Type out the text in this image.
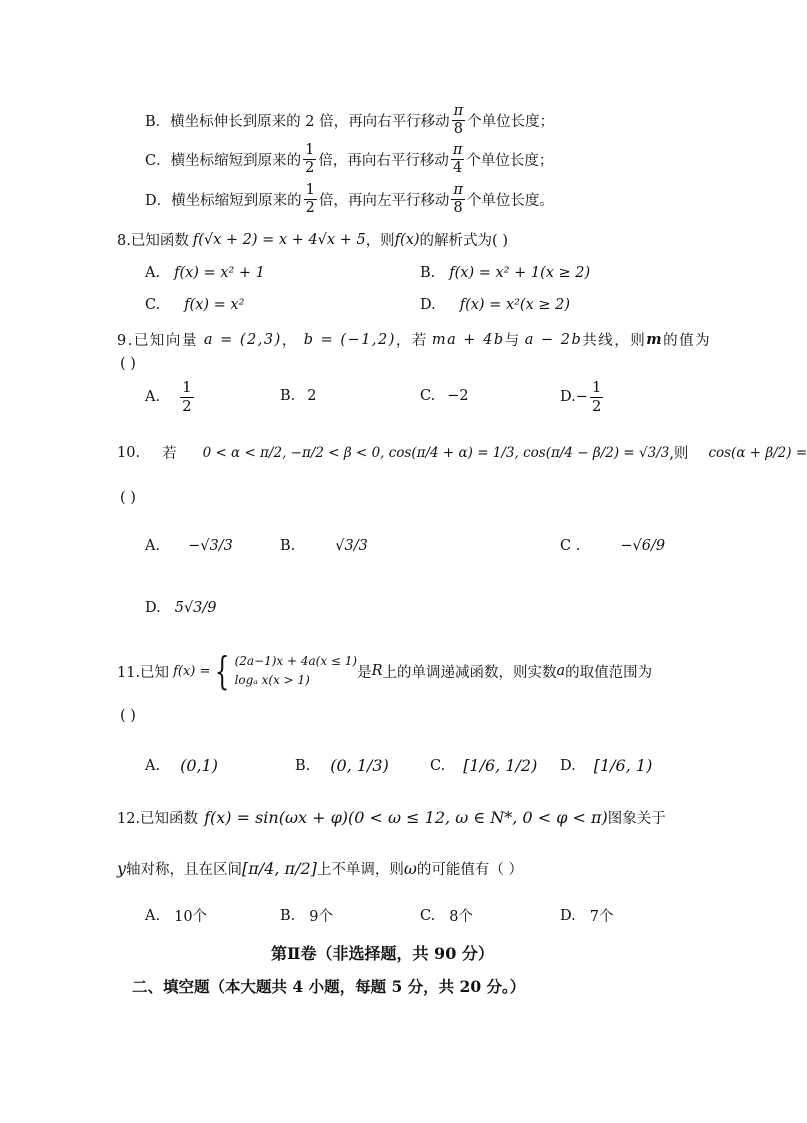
B．横坐标伸长到原来的 2 倍，再向右平行移动 $\frac{\pi}{8}$ 个单位长度；
C．横坐标缩短到原来的 $\frac{1}{2}$ 倍，再向右平行移动 $\frac{\pi}{4}$ 个单位长度；
D．横坐标缩短到原来的 $\frac{1}{2}$ 倍，再向左平行移动 $\frac{\pi}{8}$ 个单位长度。
8.已知函数 f(√x + 2) = x + 4√x + 5 ，则 f(x) 的解析式为( )
A. f(x) = x² + 1	B. f(x) = x² + 1(x ≥ 2)
C. f(x) = x²	D. f(x) = x²(x ≥ 2)
9.已知向量 a = (2,3) ， b = (−1,2) ，若 ma + 4b 与 a − 2b 共线，则 m 的值为
( )
A. $\frac{1}{2}$	B. 2	C. −2	D. − $\frac{1}{2}$
10. 若 0 < α < π/2, −π/2 < β < 0, cos(π/4 + α) = 1/3, cos(π/4 − β/2) = √3/3 ,则 cos(α + β/2) =
( )
A. −√3/3	B.	√3/3	C .	−√6/9
D. 5√3/9
11.已知 f(x) = { (2a−1)x + 4a(x ≤ 1)
logₐ x(x > 1)	是 R 上的单调递减函数，则实数 a 的取值范围为
( )
A. (0,1)	B. (0, 1/3)	C. [1/6, 1/2) D. [1/6, 1)
12.已知函数 f(x) = sin(ωx + φ)(0 < ω ≤ 12, ω ∈ N*, 0 < φ < π) 图象关于
y 轴对称，且在区间 [π/4, π/2] 上不单调，则 ω 的可能值有（ ）
A. 10个	B. 9个	C. 8个	D. 7个
第Ⅱ卷（非选择题，共 90 分）
二、填空题（本大题共 4 小题，每题 5 分，共 20 分。）
